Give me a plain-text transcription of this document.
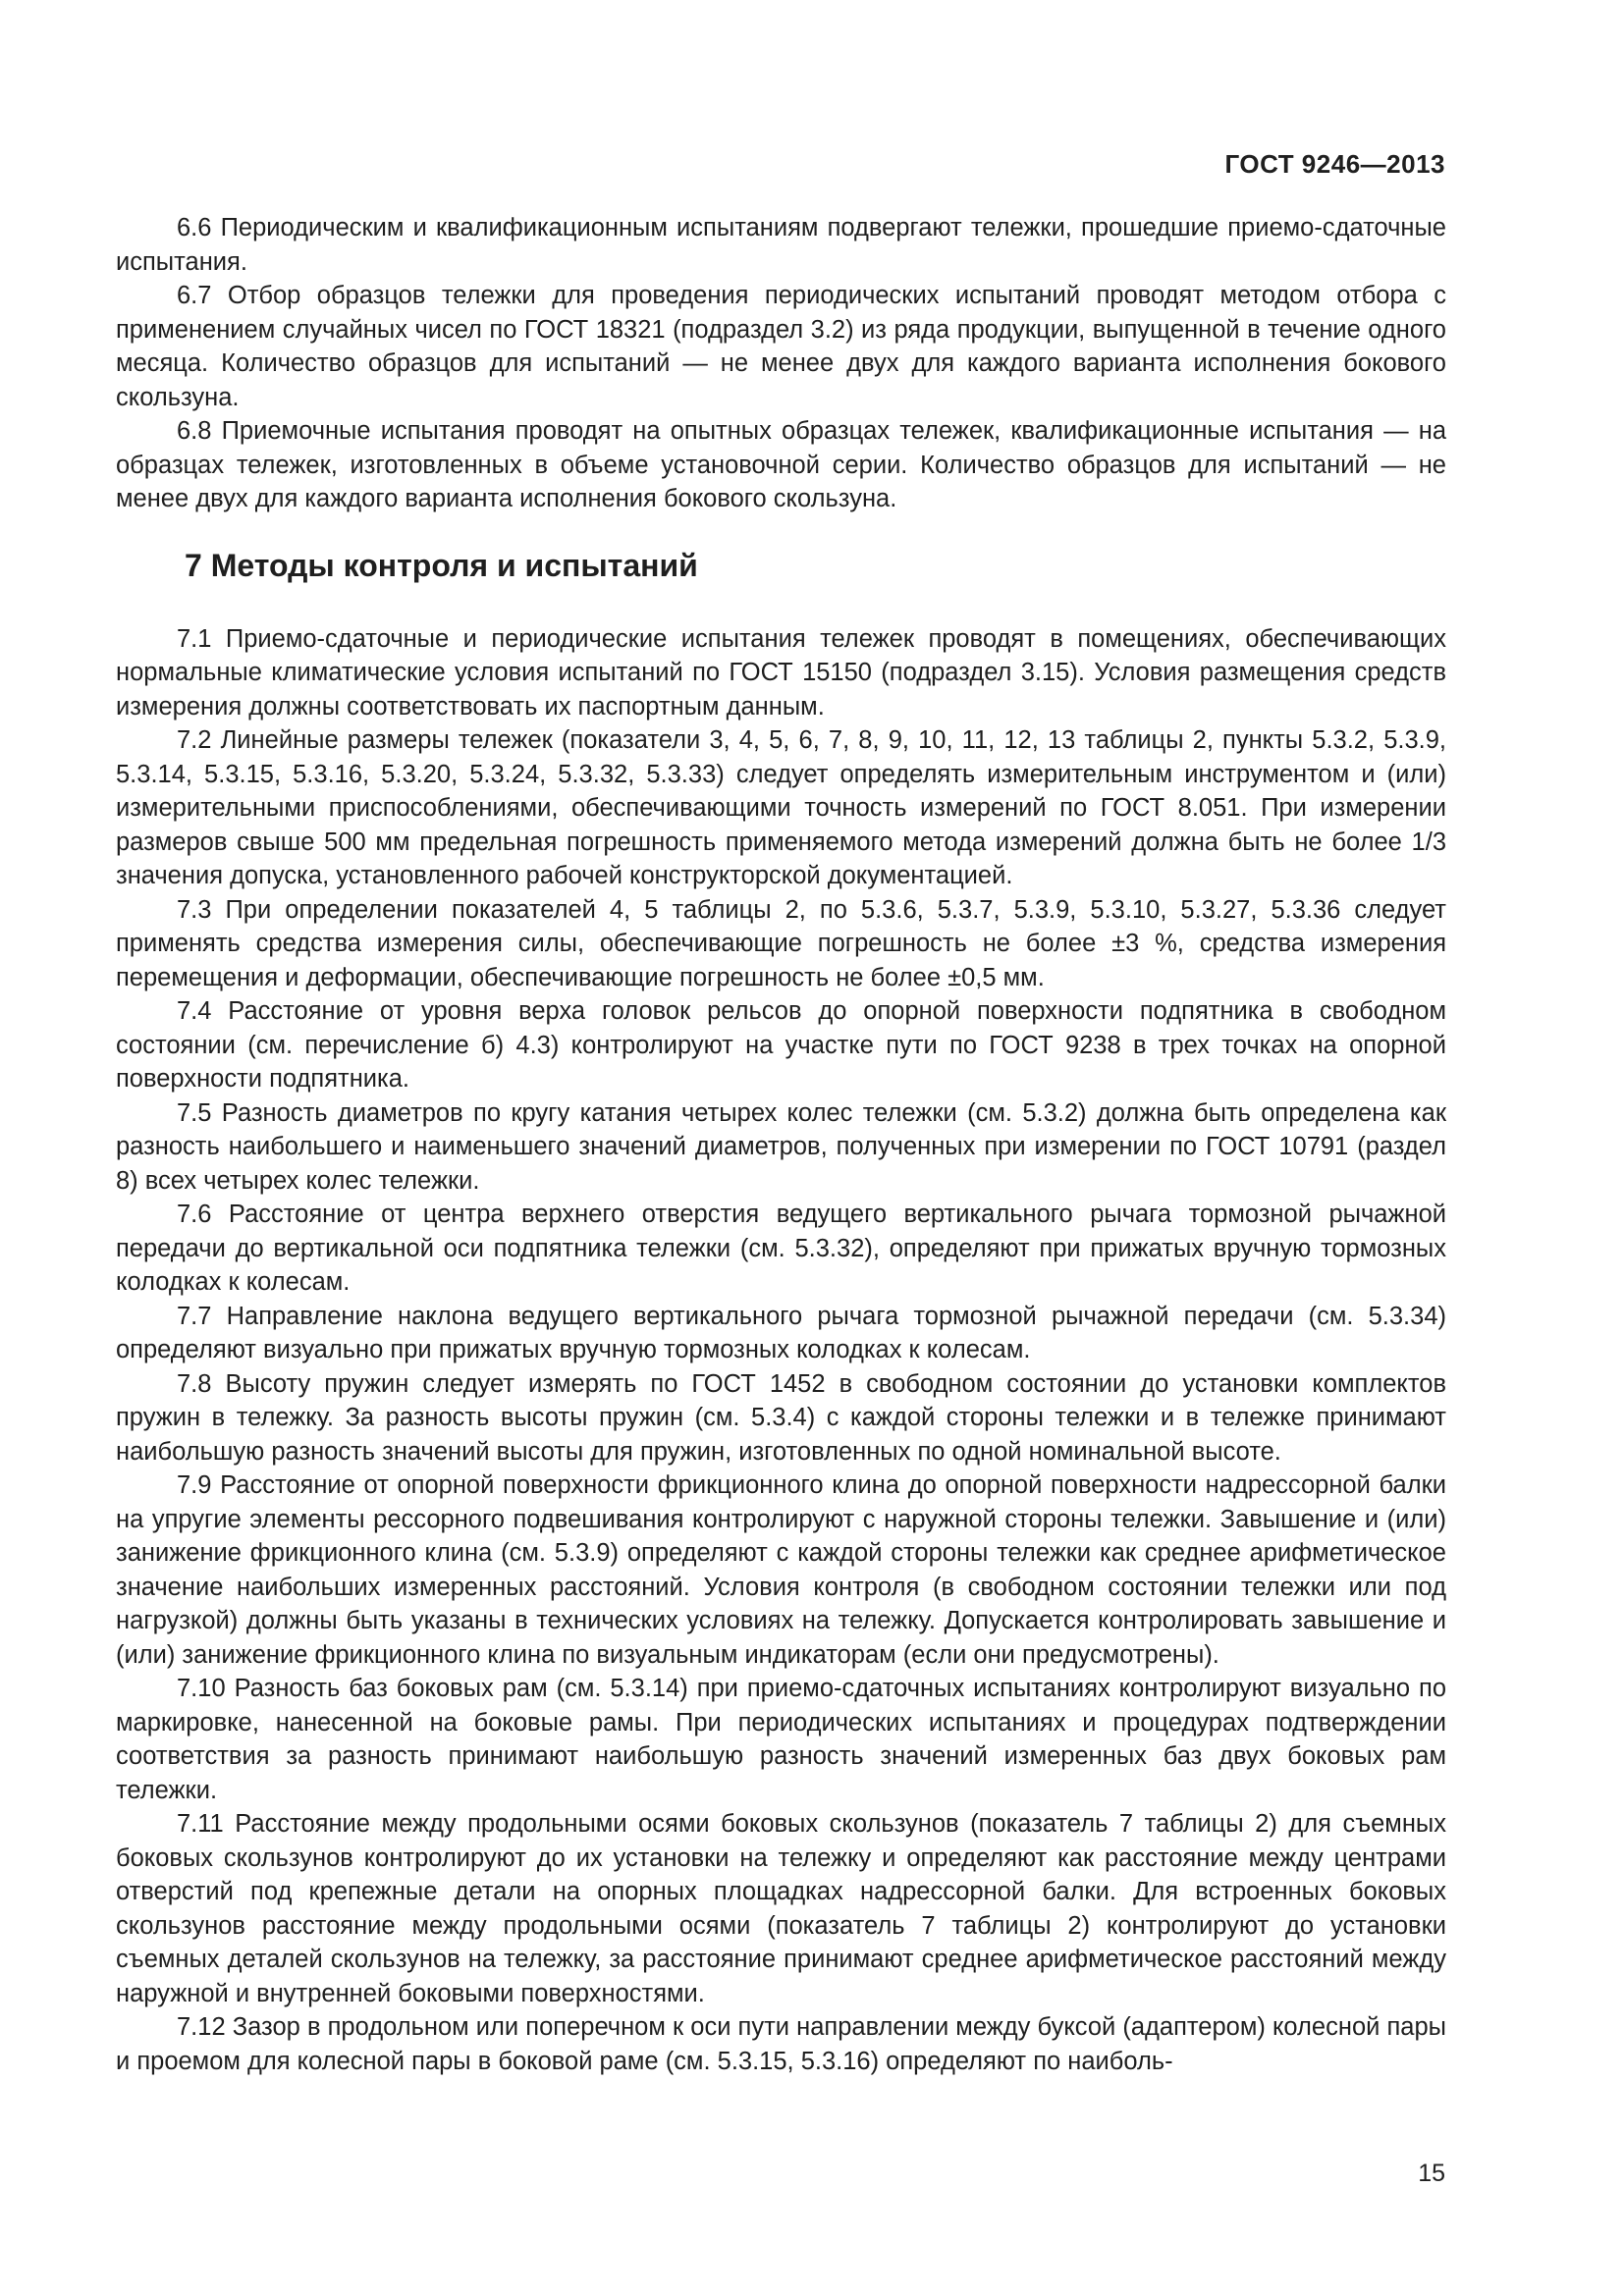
ГОСТ 9246—2013

6.6 Периодическим и квалификационным испытаниям подвергают тележки, прошедшие приемо-сдаточные испытания.

6.7 Отбор образцов тележки для проведения периодических испытаний проводят методом отбора с применением случайных чисел по ГОСТ 18321 (подраздел 3.2) из ряда продукции, выпущенной в течение одного месяца. Количество образцов для испытаний — не менее двух для каждого варианта исполнения бокового скользуна.

6.8 Приемочные испытания проводят на опытных образцах тележек, квалификационные испытания — на образцах тележек, изготовленных в объеме установочной серии. Количество образцов для испытаний — не менее двух для каждого варианта исполнения бокового скользуна.

7 Методы контроля и испытаний

7.1 Приемо-сдаточные и периодические испытания тележек проводят в помещениях, обеспечивающих нормальные климатические условия испытаний по ГОСТ 15150 (подраздел 3.15). Условия размещения средств измерения должны соответствовать их паспортным данным.

7.2 Линейные размеры тележек (показатели 3, 4, 5, 6, 7, 8, 9, 10, 11, 12, 13 таблицы 2, пункты 5.3.2, 5.3.9, 5.3.14, 5.3.15, 5.3.16, 5.3.20, 5.3.24, 5.3.32, 5.3.33) следует определять измерительным инструментом и (или) измерительными приспособлениями, обеспечивающими точность измерений по ГОСТ 8.051. При измерении размеров свыше 500 мм предельная погрешность применяемого метода измерений должна быть не более 1/3 значения допуска, установленного рабочей конструкторской документацией.

7.3 При определении показателей 4, 5 таблицы 2, по 5.3.6, 5.3.7, 5.3.9, 5.3.10, 5.3.27, 5.3.36 следует применять средства измерения силы, обеспечивающие погрешность не более ±3 %, средства измерения перемещения и деформации, обеспечивающие погрешность не более ±0,5 мм.

7.4 Расстояние от уровня верха головок рельсов до опорной поверхности подпятника в свободном состоянии (см. перечисление б) 4.3) контролируют на участке пути по ГОСТ 9238 в трех точках на опорной поверхности подпятника.

7.5 Разность диаметров по кругу катания четырех колес тележки (см. 5.3.2) должна быть определена как разность наибольшего и наименьшего значений диаметров, полученных при измерении по ГОСТ 10791 (раздел 8) всех четырех колес тележки.

7.6 Расстояние от центра верхнего отверстия ведущего вертикального рычага тормозной рычажной передачи до вертикальной оси подпятника тележки (см. 5.3.32), определяют при прижатых вручную тормозных колодках к колесам.

7.7 Направление наклона ведущего вертикального рычага тормозной рычажной передачи (см. 5.3.34) определяют визуально при прижатых вручную тормозных колодках к колесам.

7.8 Высоту пружин следует измерять по ГОСТ 1452 в свободном состоянии до установки комплектов пружин в тележку. За разность высоты пружин (см. 5.3.4) с каждой стороны тележки и в тележке принимают наибольшую разность значений высоты для пружин, изготовленных по одной номинальной высоте.

7.9 Расстояние от опорной поверхности фрикционного клина до опорной поверхности надрессорной балки на упругие элементы рессорного подвешивания контролируют с наружной стороны тележки. Завышение и (или) занижение фрикционного клина (см. 5.3.9) определяют с каждой стороны тележки как среднее арифметическое значение наибольших измеренных расстояний. Условия контроля (в свободном состоянии тележки или под нагрузкой) должны быть указаны в технических условиях на тележку. Допускается контролировать завышение и (или) занижение фрикционного клина по визуальным индикаторам (если они предусмотрены).

7.10 Разность баз боковых рам (см. 5.3.14) при приемо-сдаточных испытаниях контролируют визуально по маркировке, нанесенной на боковые рамы. При периодических испытаниях и процедурах подтверждении соответствия за разность принимают наибольшую разность значений измеренных баз двух боковых рам тележки.

7.11 Расстояние между продольными осями боковых скользунов (показатель 7 таблицы 2) для съемных боковых скользунов контролируют до их установки на тележку и определяют как расстояние между центрами отверстий под крепежные детали на опорных площадках надрессорной балки. Для встроенных боковых скользунов расстояние между продольными осями (показатель 7 таблицы 2) контролируют до установки съемных деталей скользунов на тележку, за расстояние принимают среднее арифметическое расстояний между наружной и внутренней боковыми поверхностями.

7.12 Зазор в продольном или поперечном к оси пути направлении между буксой (адаптером) колесной пары и проемом для колесной пары в боковой раме (см. 5.3.15, 5.3.16) определяют по наиболь-

15
